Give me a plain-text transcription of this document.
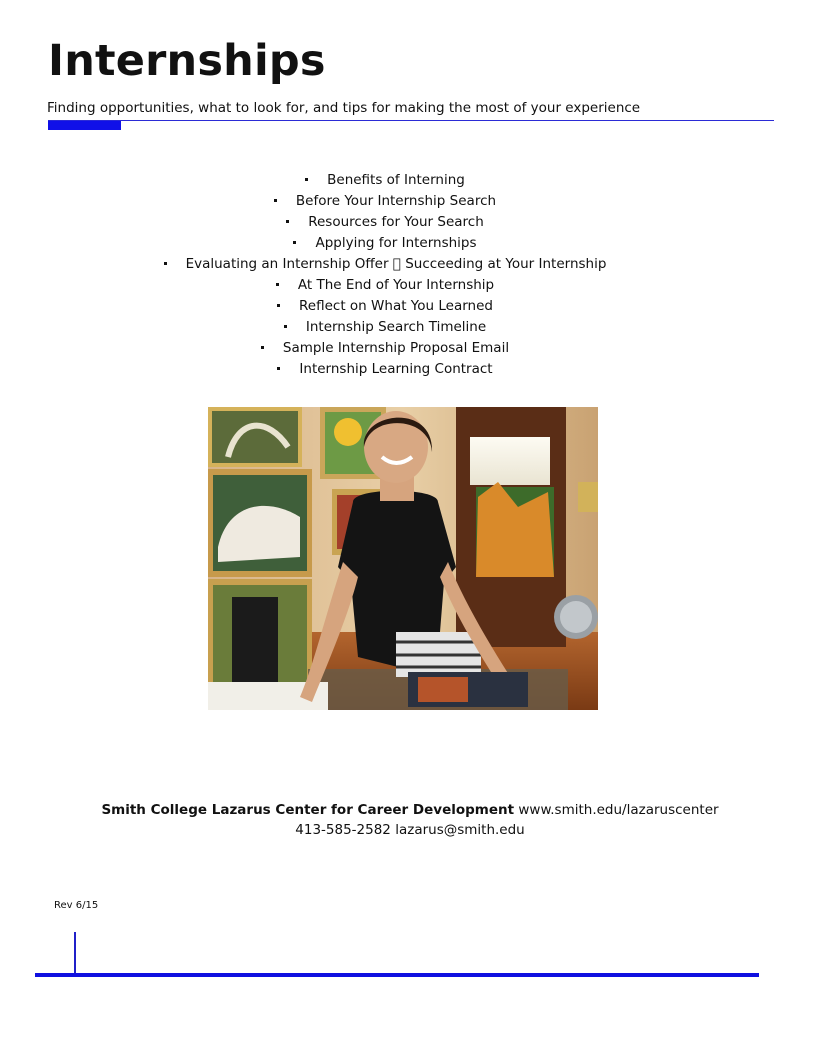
Internships
Finding opportunities, what to look for, and tips for making the most of your experience
Benefits of Interning
Before Your Internship Search
Resources for Your Search
Applying for Internships
Evaluating an Internship Offer Succeeding at Your Internship
At The End of Your Internship
Reflect on What You Learned
Internship Search Timeline
Sample Internship Proposal Email
Internship Learning Contract
Smith College Lazarus Center for Career Development www.smith.edu/lazaruscenter
413-585-2582 lazarus@smith.edu
Rev 6/15
